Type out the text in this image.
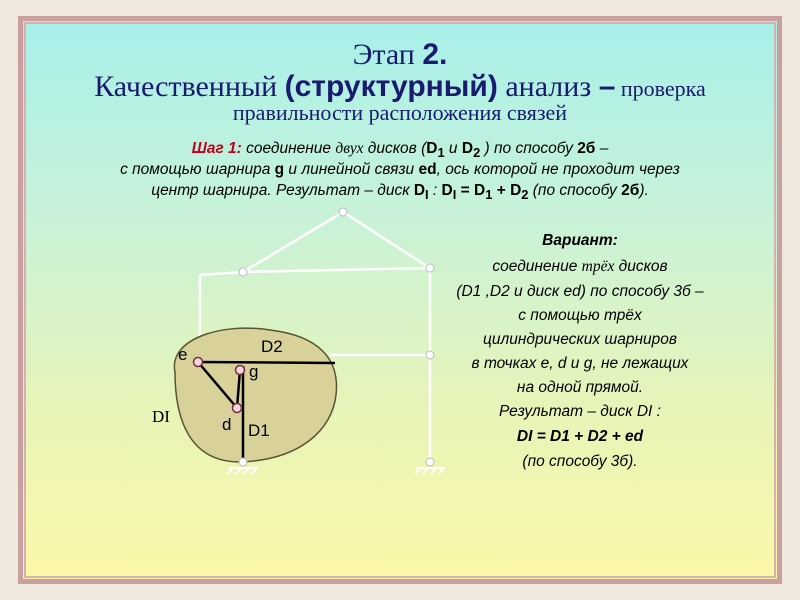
Этап 2.
Качественный (структурный) анализ – проверка
правильности расположения связей
Шаг 1: соединение двух дисков ($D_1$ и $D_2$ ) по способу 2б –
с помощью шарнира g и линейной связи ed, ось которой не проходит через
центр шарнира. Результат – диск $D_I$ : $D_I = D_1 + D_2$ (по способу 2б).
Вариант:
соединение трёх дисков
(D1 ,D2 и диск ed) по способу 3б –
с помощью трёх
цилиндрических шарниров
в точках e, d и g, не лежащих
на одной прямой.
Результат – диск DI :
DI = D1 + D2 + ed
(по способу 3б).
e
g
d
D2
D1
DI
